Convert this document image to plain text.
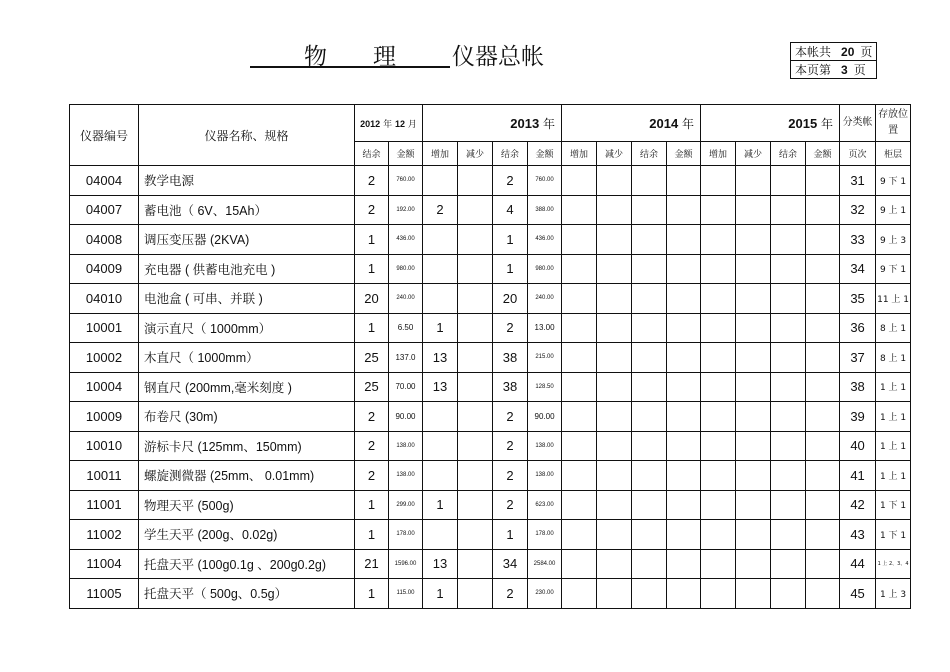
物 理 仪器总帐	本帐共 20 页
本页第 3 页
仪器编号	仪器名称、规格	2012 年 12 月		2013 年				2014 年				2015 年				分类帐	存放位置
		结余	金额	增加	减少	结余	金额	增加	减少	结余	金额	增加	减少	结余	金额	页次	柜层
04004	教学电源	2	760.00			2	760.00									31	9 下 1
04007	蓄电池（ 6V、15Ah）	2	192.00	2		4	388.00									32	9 上 1
04008	调压变压器 (2KVA)	1	436.00			1	436.00									33	9 上 3
04009	充电器 ( 供蓄电池充电 )	1	980.00			1	980.00									34	9 下 1
04010	电池盒 ( 可串、并联 )	20	240.00			20	240.00									35	11 上 1
10001	演示直尺（ 1000mm）	1	6.50	1		2	13.00									36	8 上 1
10002	木直尺（ 1000mm）	25	137.0	13		38	215.00									37	8 上 1
10004	钢直尺 (200mm,毫米刻度 )	25	70.00	13		38	128.50									38	1 上 1
10009	布卷尺 (30m)	2	90.00			2	90.00									39	1 上 1
10010	游标卡尺 (125mm、150mm)	2	138.00			2	138.00									40	1 上 1
10011	螺旋测微器 (25mm、 0.01mm)	2	138.00			2	138.00									41	1 上 1
11001	物理天平 (500g)	1	299.00	1		2	623.00									42	1 下 1
11002	学生天平 (200g、0.02g)	1	178.00			1	178.00									43	1 下 1
11004	托盘天平 (100g0.1g 、200g0.2g)	21	1596.00	13		34	2584.00									44	1 上 2、3、4
11005	托盘天平（ 500g、0.5g）	1	115.00	1		2	230.00									45	1 上 3
